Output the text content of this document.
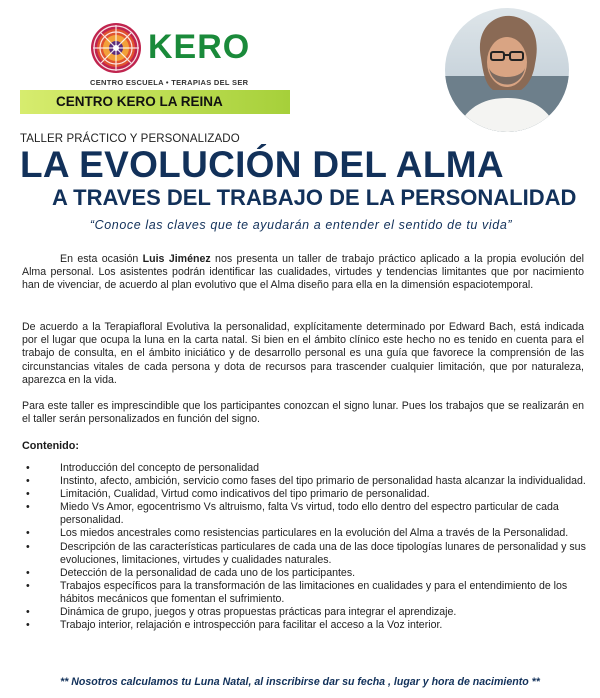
KERO
CENTRO ESCUELA • TERAPIAS DEL SER
CENTRO KERO LA REINA
TALLER PRÁCTICO Y PERSONALIZADO
LA EVOLUCIÓN DEL ALMA
A TRAVES DEL TRABAJO DE LA PERSONALIDAD
“Conoce las claves que te ayudarán a entender el sentido de tu vida”
En esta ocasión Luis Jiménez nos presenta un taller de trabajo práctico aplicado a la propia evolución del Alma personal. Los asistentes podrán identificar las cualidades, virtudes y tendencias limitantes que por nacimiento han de vivenciar, de acuerdo al plan evolutivo que el Alma diseño para ella en la dimensión espaciotemporal.
De acuerdo a la Terapiafloral Evolutiva la personalidad, explícitamente determinado por Edward Bach, está indicada por el lugar que ocupa la luna en la carta natal. Si bien en el ámbito clínico este hecho no es tenido en cuenta para el trabajo de consulta, en el ámbito iniciático y de desarrollo personal es una guía que favorece la comprensión de las circunstancias vitales de cada persona y dota de recursos para trascender cualquier limitación, que por naturaleza, aparezca en la vida.
Para este taller es imprescindible que los participantes conozcan el signo lunar. Pues los trabajos que se realizarán en el taller serán personalizados en función del signo.
Contenido:
•	Introducción del concepto de personalidad
•	Instinto, afecto, ambición, servicio como fases del tipo primario de personalidad hasta alcanzar la individualidad.
•	Limitación, Cualidad, Virtud como indicativos del tipo primario de personalidad.
•	Miedo Vs Amor, egocentrismo Vs altruismo, falta Vs virtud, todo ello dentro del espectro particular de cada personalidad.
•	Los miedos ancestrales como resistencias particulares en la evolución del Alma a través de la Personalidad.
•	Descripción de las características particulares de cada una de las doce tipologías lunares de personalidad y sus evoluciones, limitaciones, virtudes y cualidades naturales.
•	Detección de la personalidad de cada uno de los participantes.
•	Trabajos específicos para la transformación de las limitaciones en cualidades y para el entendimiento de los hábitos mecánicos que fomentan el sufrimiento.
•	Dinámica de grupo, juegos y otras propuestas prácticas para integrar el aprendizaje.
•	Trabajo interior, relajación e introspección para facilitar el acceso a la Voz interior.
** Nosotros calculamos tu Luna Natal, al inscribirse dar su fecha , lugar y hora de nacimiento **
